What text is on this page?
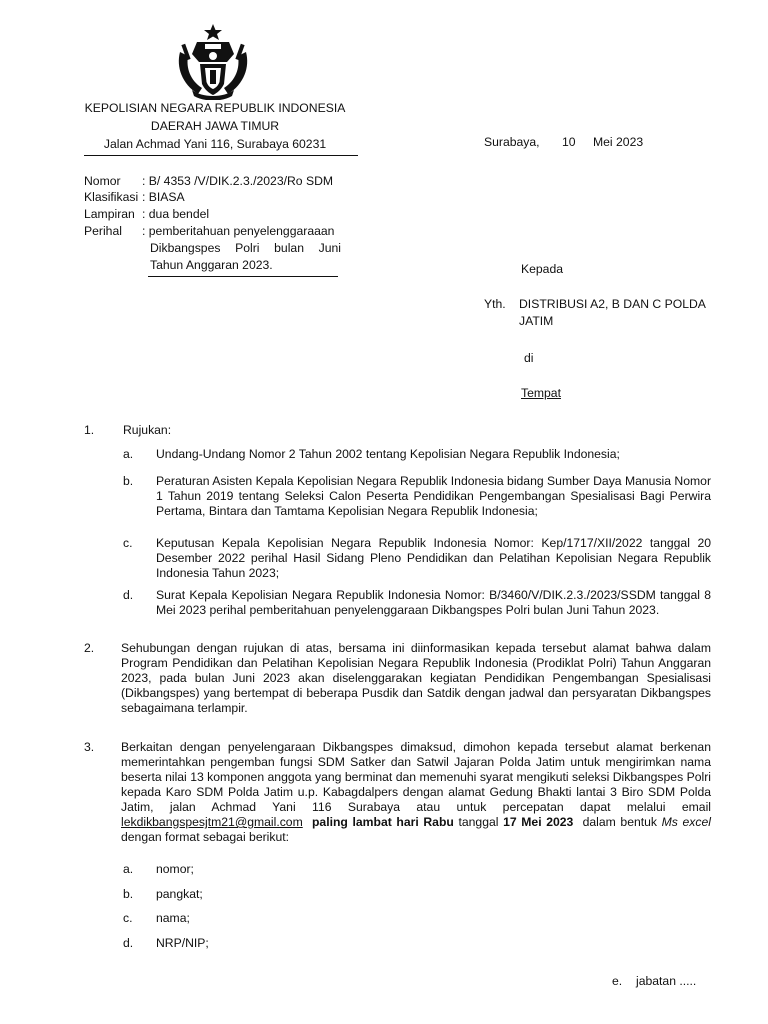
KEPOLISIAN NEGARA REPUBLIK INDONESIA
DAERAH JAWA TIMUR
Jalan Achmad Yani 116, Surabaya 60231	Surabaya, 10 Mei 2023
Nomor	: B/ 4353 /V/DIK.2.3./2023/Ro SDM
Klasifikasi : BIASA
Lampiran : dua bendel
Perihal	: pemberitahuan penyelenggaraaan
Dikbangspes Polri bulan Juni
Tahun Anggaran 2023.	Kepada
Yth. DISTRIBUSI A2, B DAN C POLDA
JATIM
di
Tempat
1. Rujukan:
a. Undang-Undang Nomor 2 Tahun 2002 tentang Kepolisian Negara Republik Indonesia;
b. Peraturan Asisten Kepala Kepolisian Negara Republik Indonesia bidang Sumber Daya Manusia Nomor 1 Tahun 2019 tentang Seleksi Calon Peserta Pendidikan Pengembangan Spesialisasi Bagi Perwira Pertama, Bintara dan Tamtama Kepolisian Negara Republik Indonesia;
c. Keputusan Kepala Kepolisian Negara Republik Indonesia Nomor: Kep/1717/XII/2022 tanggal 20 Desember 2022 perihal Hasil Sidang Pleno Pendidikan dan Pelatihan Kepolisian Negara Republik Indonesia Tahun 2023;
d. Surat Kepala Kepolisian Negara Republik Indonesia Nomor: B/3460/V/DIK.2.3./2023/SSDM tanggal 8 Mei 2023 perihal pemberitahuan penyelenggaraan Dikbangspes Polri bulan Juni Tahun 2023.
2. Sehubungan dengan rujukan di atas, bersama ini diinformasikan kepada tersebut alamat bahwa dalam Program Pendidikan dan Pelatihan Kepolisian Negara Republik Indonesia (Prodiklat Polri) Tahun Anggaran 2023, pada bulan Juni 2023 akan diselenggarakan kegiatan Pendidikan Pengembangan Spesialisasi (Dikbangspes) yang bertempat di beberapa Pusdik dan Satdik dengan jadwal dan persyaratan Dikbangspes sebagaimana terlampir.
3. Berkaitan dengan penyelengaraan Dikbangspes dimaksud, dimohon kepada tersebut alamat berkenan memerintahkan pengemban fungsi SDM Satker dan Satwil Jajaran Polda Jatim untuk mengirimkan nama beserta nilai 13 komponen anggota yang berminat dan memenuhi syarat mengikuti seleksi Dikbangspes Polri kepada Karo SDM Polda Jatim u.p. Kabagdalpers dengan alamat Gedung Bhakti lantai 3 Biro SDM Polda Jatim, jalan Achmad Yani 116 Surabaya atau untuk percepatan dapat melalui email lekdikbangspesjtm21@gmail.com paling lambat hari Rabu tanggal 17 Mei 2023 dalam bentuk Ms excel dengan format sebagai berikut:
a. nomor;
b. pangkat;
c. nama;
d. NRP/NIP;
e. jabatan .....
